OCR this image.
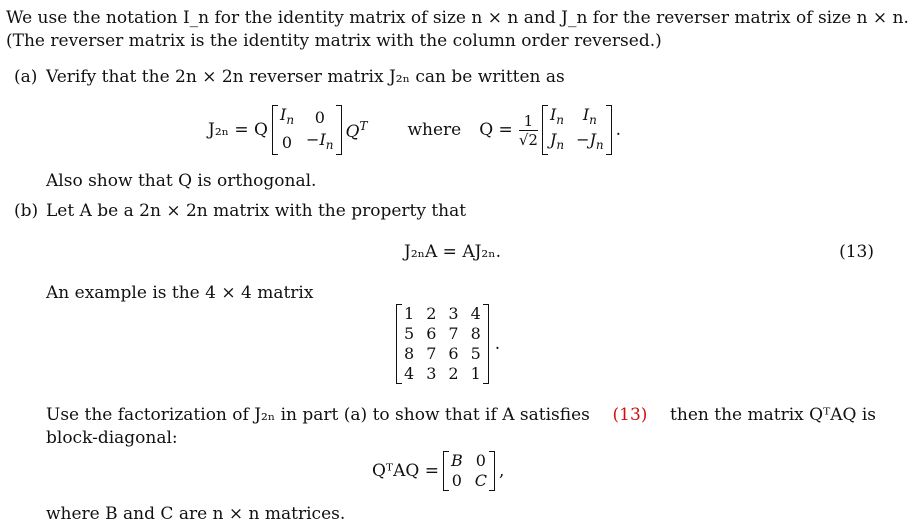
We use the notation I_n for the identity matrix of size n × n and J_n for the reverser matrix of size n × n.
(The reverser matrix is the identity matrix with the column order reversed.)
(a) Verify that the 2n × 2n reverser matrix J₂ₙ can be written as
J₂ₙ = Q
$I_n$	0
0	$-I_n$
$Q^T$ where $Q = \frac{1}{√2} I_n$	$I_n$
$J_n$	$-J_n$
.
Also show that Q is orthogonal.
(b) Let A be a 2n × 2n matrix with the property that
J₂ₙA = AJ₂ₙ.	(13)
An example is the 4 × 4 matrix
1	2	3	4
5	6	7	8
8	7	6	5
4	3	2	1
.
Use the factorization of J₂ₙ in part (a) to show that if A satisfies (13) then the matrix QᵀAQ is
block-diagonal:
QᵀAQ =
B	0
0	C ,
where B and C are n × n matrices.
